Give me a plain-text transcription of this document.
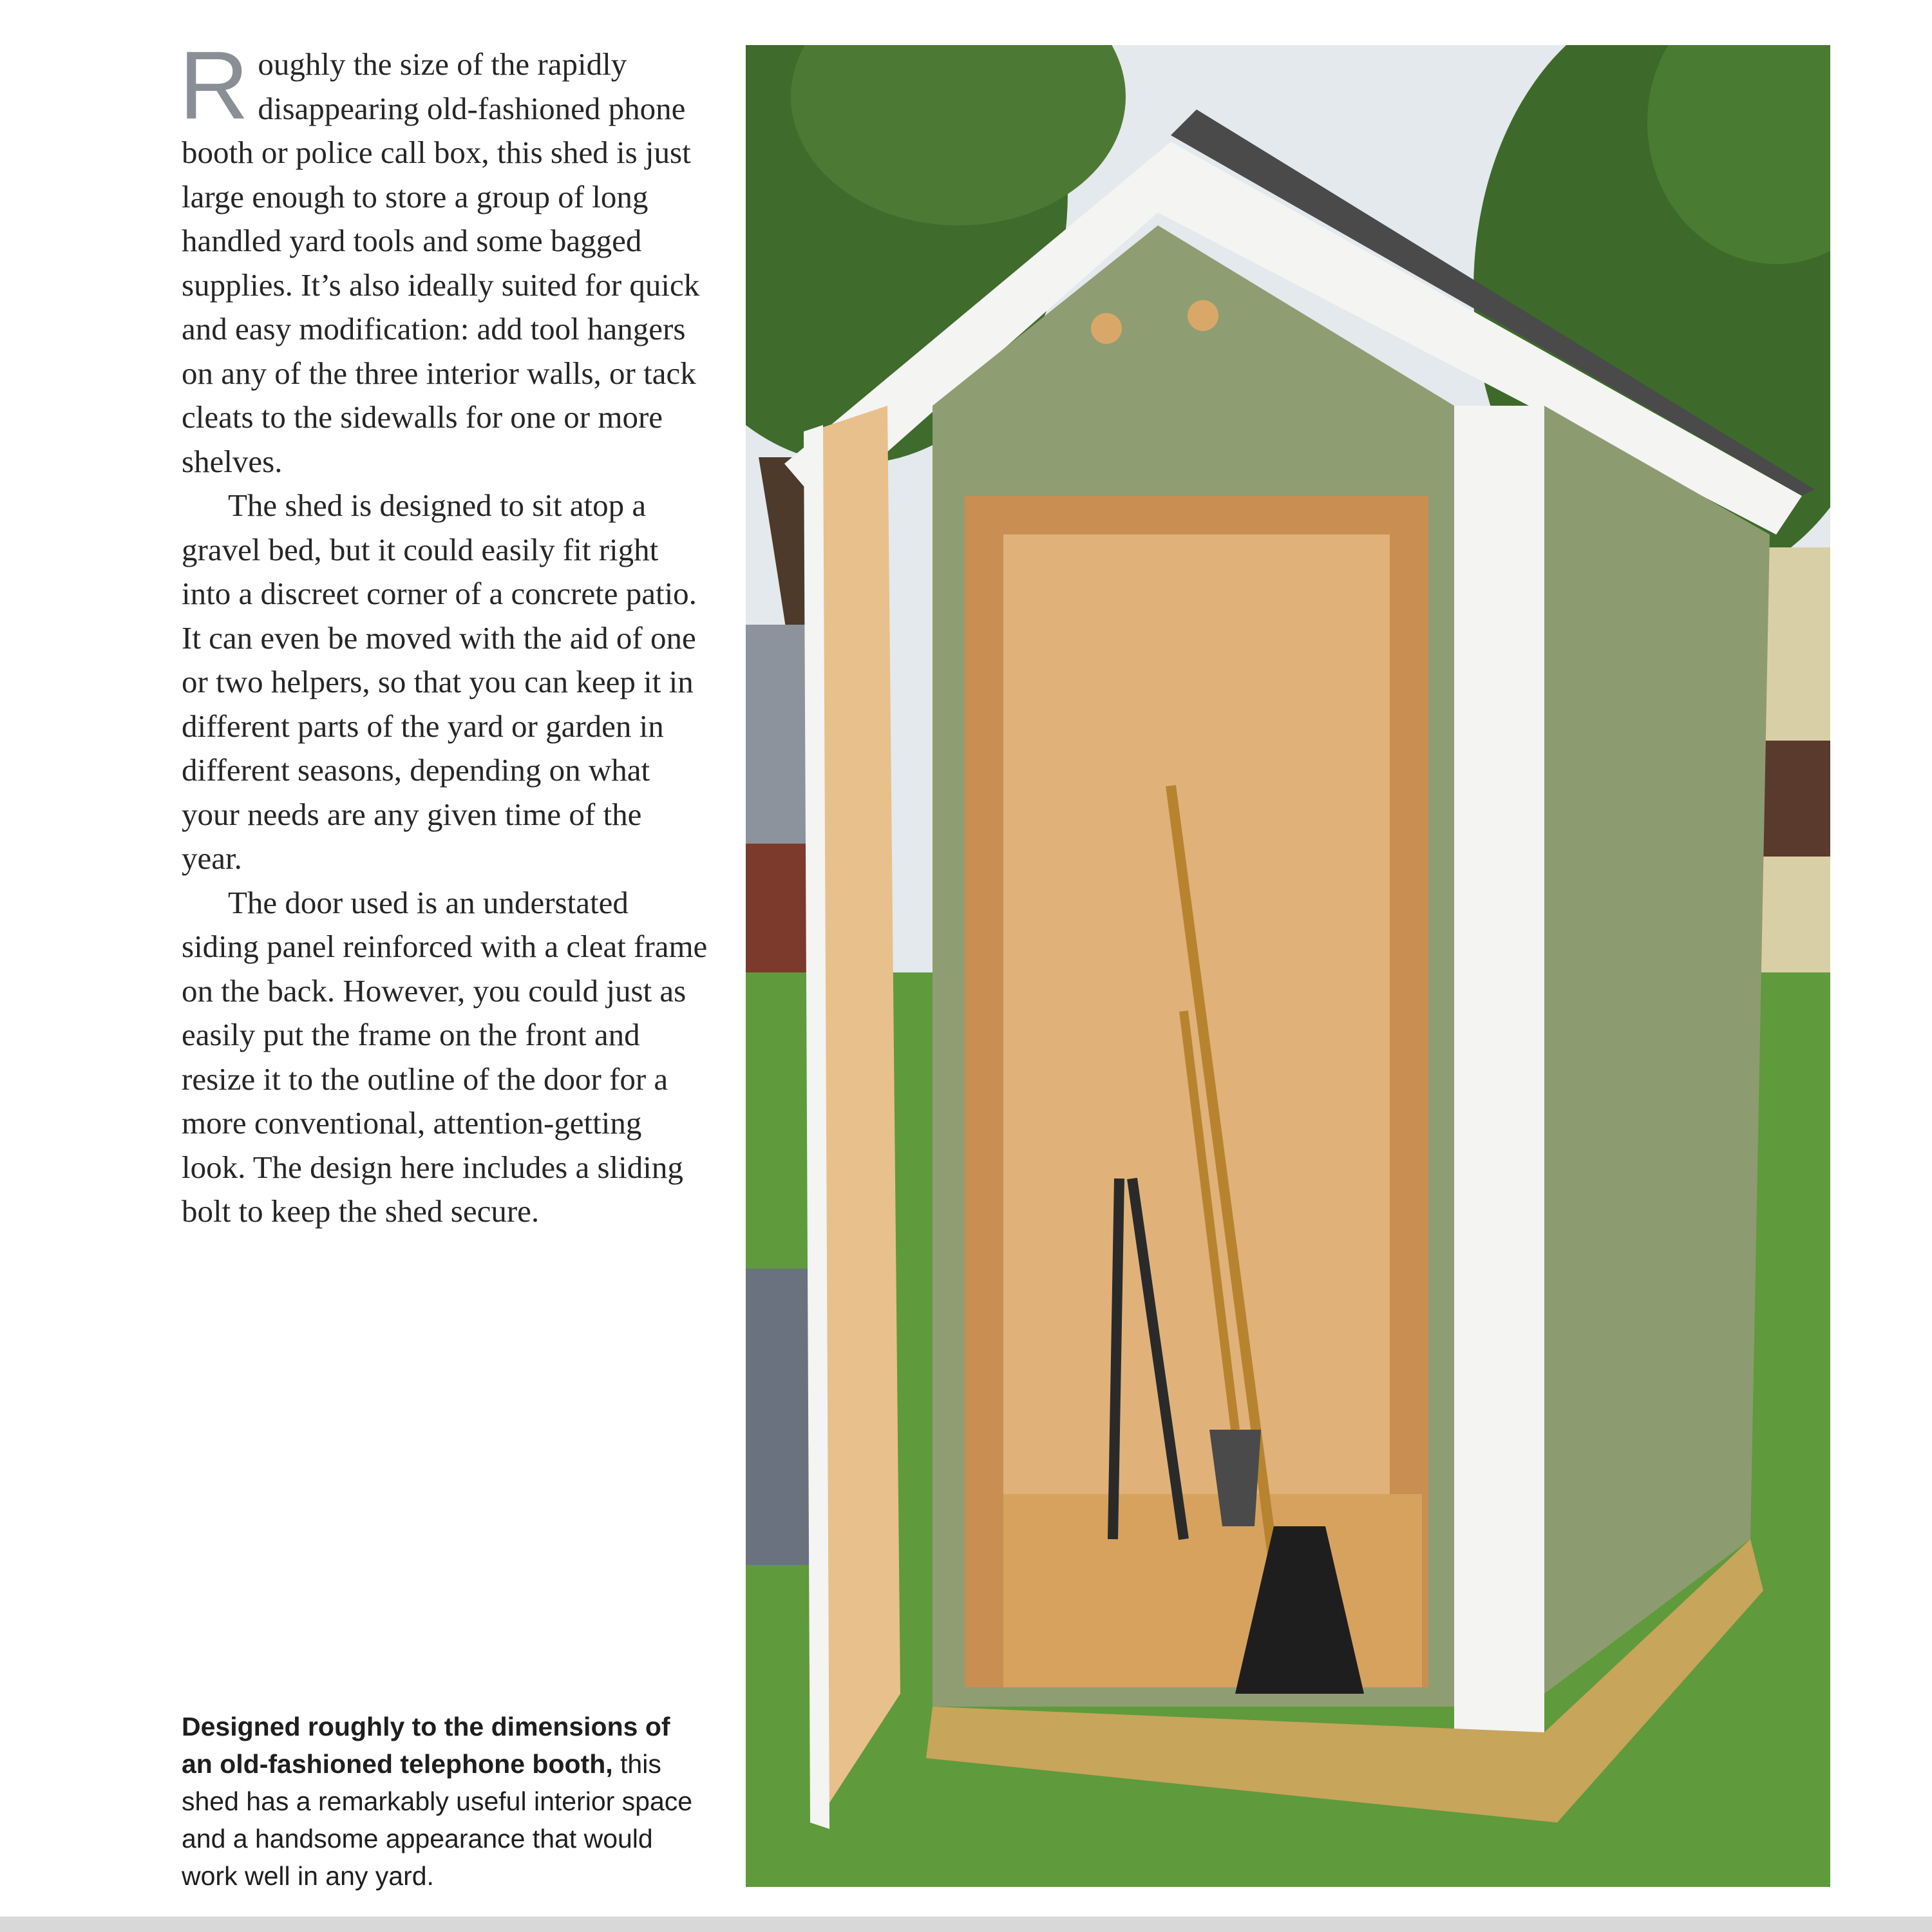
Roughly the size of the rapidly disappearing old-fashioned phone booth or police call box, this shed is just large enough to store a group of long handled yard tools and some bagged supplies. It’s also ideally suited for quick and easy modification: add tool hangers on any of the three interior walls, or tack cleats to the sidewalls for one or more shelves.

The shed is designed to sit atop a gravel bed, but it could easily fit right into a discreet corner of a concrete patio. It can even be moved with the aid of one or two helpers, so that you can keep it in different parts of the yard or garden in different seasons, depending on what your needs are any given time of the year.

The door used is an understated siding panel reinforced with a cleat frame on the back. However, you could just as easily put the frame on the front and resize it to the outline of the door for a more conventional, attention-getting look. The design here includes a sliding bolt to keep the shed secure.

Designed roughly to the dimensions of an old-fashioned telephone booth, this shed has a remarkably useful interior space and a handsome appearance that would work well in any yard.
